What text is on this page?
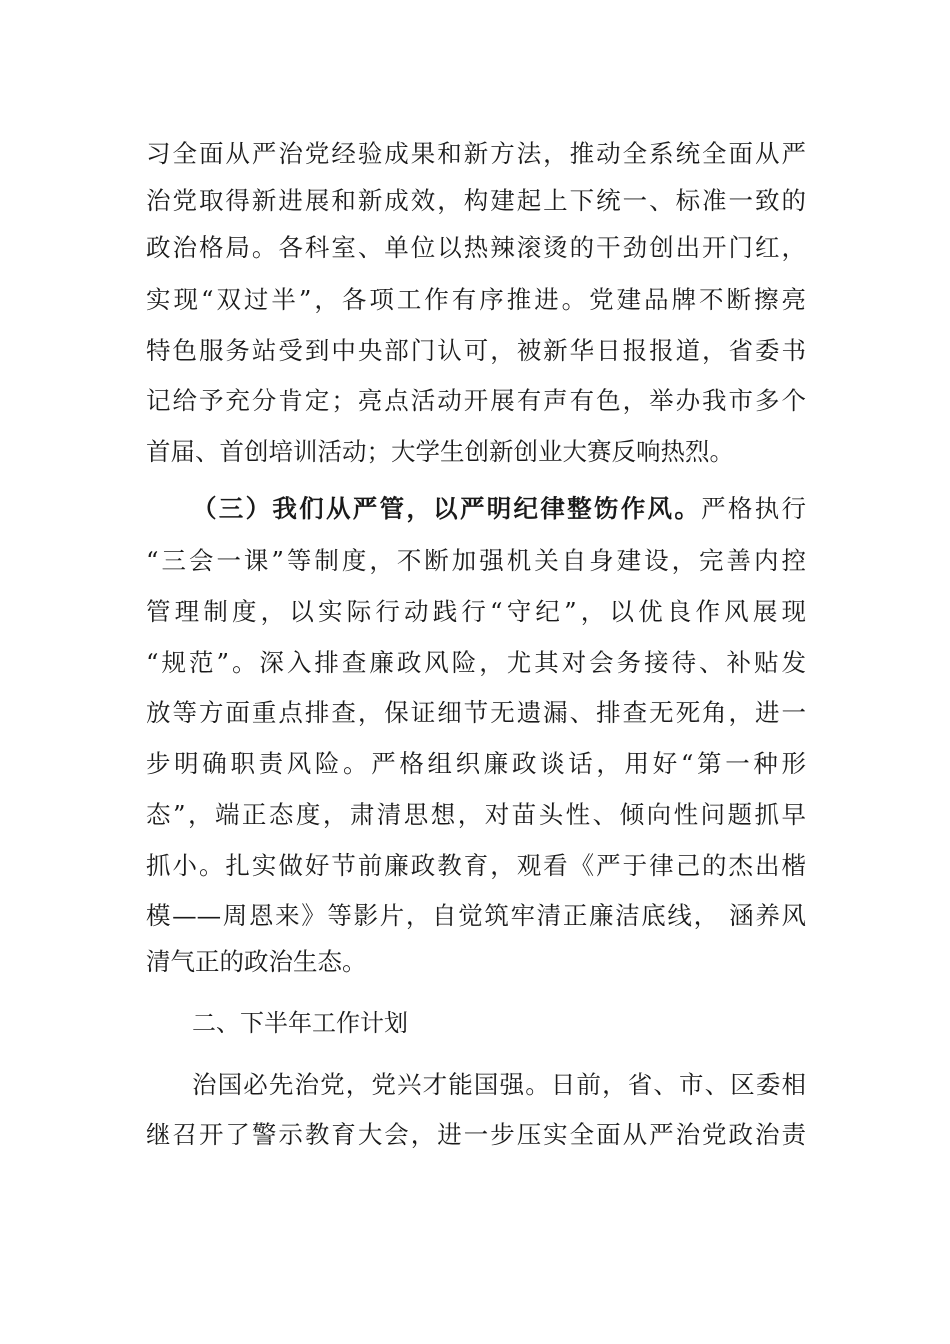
习全面从严治党经验成果和新方法，推动全系统全面从严
治党取得新进展和新成效，构建起上下统一、标准一致的
政治格局。各科室、单位以热辣滚烫的干劲创出开门红，
实现“双过半”，各项工作有序推进。党建品牌不断擦亮
特色服务站受到中央部门认可，被新华日报报道，省委书
记给予充分肯定；亮点活动开展有声有色，举办我市多个
首届、首创培训活动；大学生创新创业大赛反响热烈。
（三）我们从严管，以严明纪律整饬作风。严格执行
“三会一课”等制度，不断加强机关自身建设，完善内控
管理制度，以实际行动践行“守纪”，以优良作风展现
“规范”。深入排查廉政风险，尤其对会务接待、补贴发
放等方面重点排查，保证细节无遗漏、排查无死角，进一
步明确职责风险。严格组织廉政谈话，用好“第一种形
态”，端正态度，肃清思想，对苗头性、倾向性问题抓早
抓小。扎实做好节前廉政教育，观看《严于律己的杰出楷
模——周恩来》等影片，自觉筑牢清正廉洁底线， 涵养风
清气正的政治生态。
二、下半年工作计划
治国必先治党，党兴才能国强。日前，省、市、区委相
继召开了警示教育大会，进一步压实全面从严治党政治责
